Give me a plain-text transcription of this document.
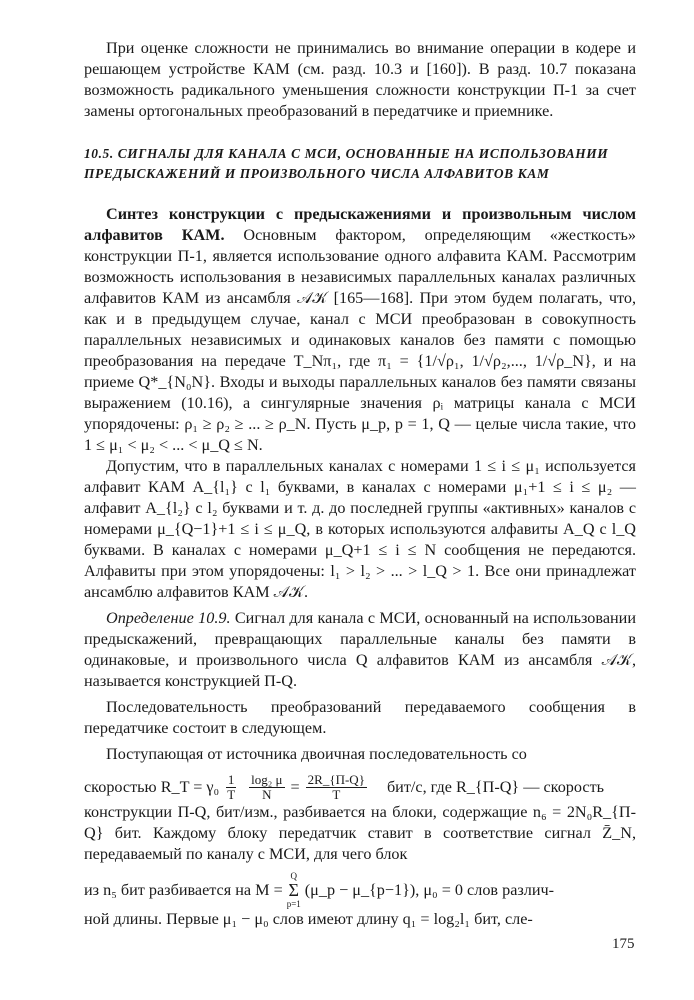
При оценке сложности не принимались во внимание операции в кодере и решающем устройстве КАМ (см. разд. 10.3 и [160]). В разд. 10.7 показана возможность радикального уменьшения сложности конструкции П-1 за счет замены ортогональных преобразований в передатчике и приемнике.

10.5. СИГНАЛЫ ДЛЯ КАНАЛА С МСИ, ОСНОВАННЫЕ НА ИСПОЛЬЗОВАНИИ ПРЕДЫСКАЖЕНИЙ И ПРОИЗВОЛЬНОГО ЧИСЛА АЛФАВИТОВ КАМ

Синтез конструкции с предыскажениями и произвольным числом алфавитов КАМ. Основным фактором, определяющим «жесткость» конструкции П-1, является использование одного алфавита КАМ. Рассмотрим возможность использования в независимых параллельных каналах различных алфавитов КАМ из ансамбля 𝒜𝒦 [165—168]. При этом будем полагать, что, как и в предыдущем случае, канал с МСИ преобразован в совокупность параллельных независимых и одинаковых каналов без памяти с помощью преобразования на передаче T_Nπ₁, где π₁ = {1/√ρ₁, 1/√ρ₂,..., 1/√ρ_N}, и на приеме Q*_{N₀N}. Входы и выходы параллельных каналов без памяти связаны выражением (10.16), а сингулярные значения ρᵢ матрицы канала с МСИ упорядочены: ρ₁ ≥ ρ₂ ≥ ... ≥ ρ_N. Пусть μ_p, p = 1, Q — целые числа такие, что 1 ≤ μ₁ < μ₂ < ... < μ_Q ≤ N.

Допустим, что в параллельных каналах с номерами 1 ≤ i ≤ μ₁ используется алфавит КАМ A_{l₁} с l₁ буквами, в каналах с номерами μ₁+1 ≤ i ≤ μ₂ — алфавит A_{l₂} с l₂ буквами и т. д. до последней группы «активных» каналов с номерами μ_{Q−1}+1 ≤ i ≤ μ_Q, в которых используются алфавиты A_Q с l_Q буквами. В каналах с номерами μ_Q+1 ≤ i ≤ N сообщения не передаются. Алфавиты при этом упорядочены: l₁ > l₂ > ... > l_Q > 1. Все они принадлежат ансамблю алфавитов КАМ 𝒜𝒦.

Определение 10.9. Сигнал для канала с МСИ, основанный на использовании предыскажений, превращающих параллельные каналы без памяти в одинаковые, и произвольного числа Q алфавитов КАМ из ансамбля 𝒜𝒦, называется конструкцией П-Q.

Последовательность преобразований передаваемого сообщения в передатчике состоит в следующем.

Поступающая от источника двоичная последовательность со

скоростью R_T = $\gamma_0 \frac{1}{T} \frac{\text{log₂ μ}}{N} = \frac{2R\_\{П-Q\}}{T} бит/с$, где R_{П-Q} — скорость

конструкции П-Q, бит/изм., разбивается на блоки, содержащие n₆ = 2N₀R_{П-Q} бит. Каждому блоку передатчик ставит в соответствие сигнал Z̄_N, передаваемый по каналу с МСИ, для чего блок

из n₅ бит разбивается на M =
Q
Σ
p=1
(μ_p − μ_{p−1}), μ₀ = 0 слов различ-

ной длины. Первые μ₁ − μ₀ слов имеют длину q₁ = log₂l₁ бит, сле-

175
